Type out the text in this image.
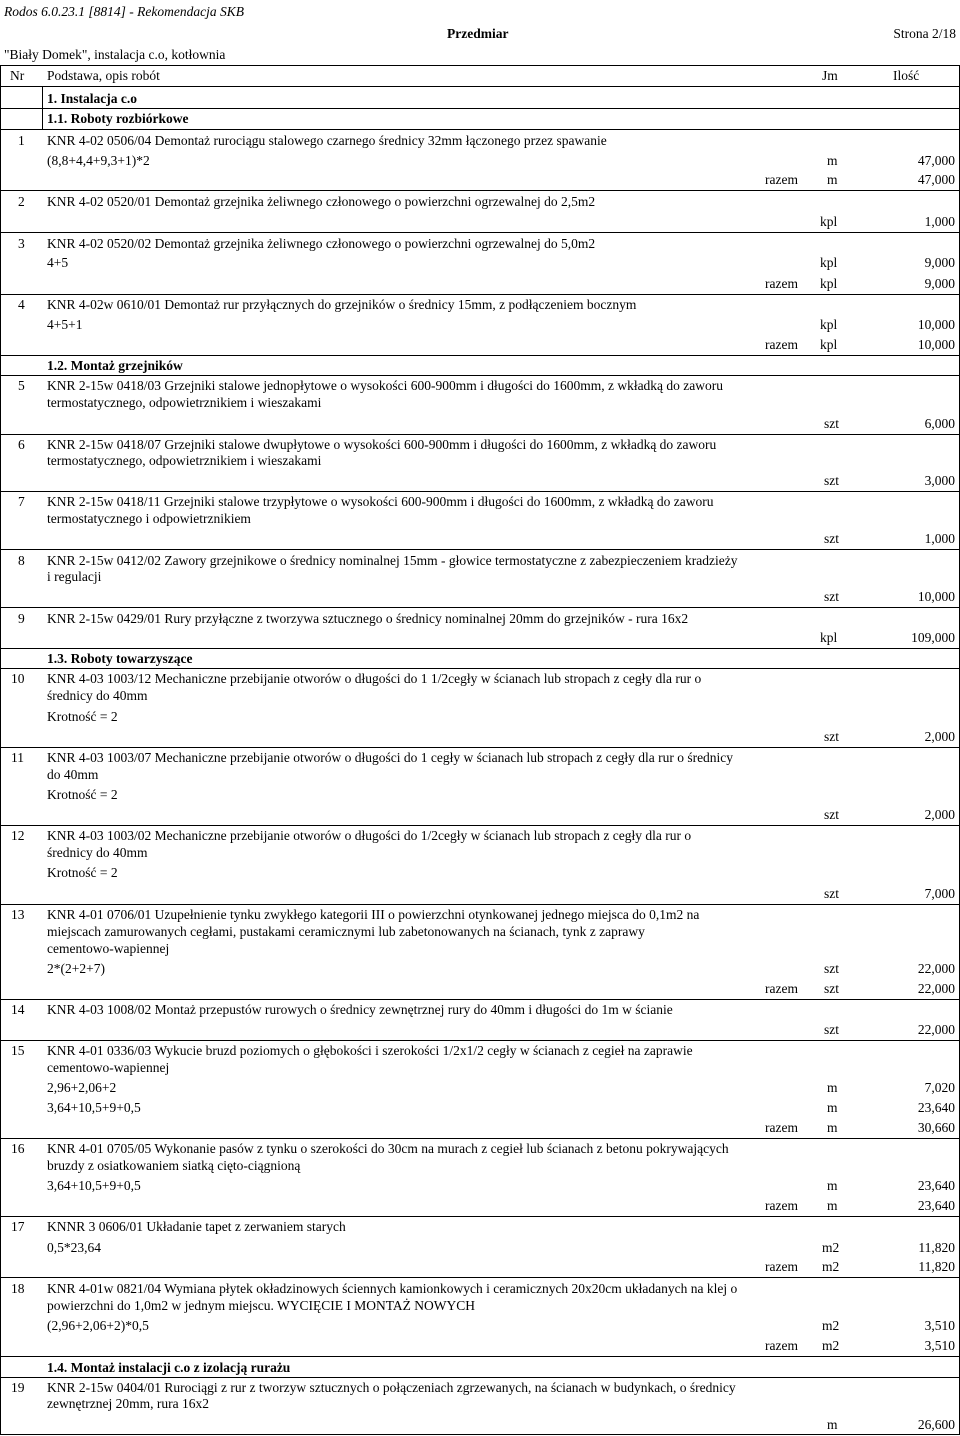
Rodos 6.0.23.1 [8814] - Rekomendacja SKB
Przedmiar	Strona 2/18
"Biały Domek", instalacja c.o, kotłownia
Nr Podstawa, opis robót	Jm	Ilość
1. Instalacja c.o
1.1. Roboty rozbiórkowe
1 KNR 4-02 0506/04 Demontaż rurociągu stalowego czarnego średnicy 32mm łączonego przez spawanie
(8,8+4,4+9,3+1)*2	m	47,000
razem m	47,000
2 KNR 4-02 0520/01 Demontaż grzejnika żeliwnego członowego o powierzchni ogrzewalnej do 2,5m2
kpl	1,000
3 KNR 4-02 0520/02 Demontaż grzejnika żeliwnego członowego o powierzchni ogrzewalnej do 5,0m2
4+5	kpl	9,000
razem kpl	9,000
4 KNR 4-02w 0610/01 Demontaż rur przyłącznych do grzejników o średnicy 15mm, z podłączeniem bocznym
4+5+1	kpl	10,000
razem kpl	10,000
1.2. Montaż grzejników
5 KNR 2-15w 0418/03 Grzejniki stalowe jednopłytowe o wysokości 600-900mm i długości do 1600mm, z wkładką do zaworu
termostatycznego, odpowietrznikiem i wieszakami
szt	6,000
6 KNR 2-15w 0418/07 Grzejniki stalowe dwupłytowe o wysokości 600-900mm i długości do 1600mm, z wkładką do zaworu
termostatycznego, odpowietrznikiem i wieszakami
szt	3,000
7 KNR 2-15w 0418/11 Grzejniki stalowe trzypłytowe o wysokości 600-900mm i długości do 1600mm, z wkładką do zaworu
termostatycznego i odpowietrznikiem
szt	1,000
8 KNR 2-15w 0412/02 Zawory grzejnikowe o średnicy nominalnej 15mm - głowice termostatyczne z zabezpieczeniem kradzieży
i regulacji
szt	10,000
9 KNR 2-15w 0429/01 Rury przyłączne z tworzywa sztucznego o średnicy nominalnej 20mm do grzejników - rura 16x2
kpl	109,000
1.3. Roboty towarzyszące
10 KNR 4-03 1003/12 Mechaniczne przebijanie otworów o długości do 1 1/2cegły w ścianach lub stropach z cegły dla rur o
średnicy do 40mm
Krotność = 2
szt	2,000
11 KNR 4-03 1003/07 Mechaniczne przebijanie otworów o długości do 1 cegły w ścianach lub stropach z cegły dla rur o średnicy
do 40mm
Krotność = 2
szt	2,000
12 KNR 4-03 1003/02 Mechaniczne przebijanie otworów o długości do 1/2cegły w ścianach lub stropach z cegły dla rur o
średnicy do 40mm
Krotność = 2
szt	7,000
13 KNR 4-01 0706/01 Uzupełnienie tynku zwykłego kategorii III o powierzchni otynkowanej jednego miejsca do 0,1m2 na
miejscach zamurowanych cegłami, pustakami ceramicznymi lub zabetonowanych na ścianach, tynk z zaprawy
cementowo-wapiennej
2*(2+2+7)	szt	22,000
razem szt	22,000
14 KNR 4-03 1008/02 Montaż przepustów rurowych o średnicy zewnętrznej rury do 40mm i długości do 1m w ścianie
szt	22,000
15 KNR 4-01 0336/03 Wykucie bruzd poziomych o głębokości i szerokości 1/2x1/2 cegły w ścianach z cegieł na zaprawie
cementowo-wapiennej
2,96+2,06+2	m	7,020
3,64+10,5+9+0,5	m	23,640
razem m	30,660
16 KNR 4-01 0705/05 Wykonanie pasów z tynku o szerokości do 30cm na murach z cegieł lub ścianach z betonu pokrywających
bruzdy z osiatkowaniem siatką cięto-ciągnioną
3,64+10,5+9+0,5	m	23,640
razem m	23,640
17 KNNR 3 0606/01 Układanie tapet z zerwaniem starych
0,5*23,64	m2	11,820
razem m2	11,820
18 KNR 4-01w 0821/04 Wymiana płytek okładzinowych ściennych kamionkowych i ceramicznych 20x20cm układanych na klej o
powierzchni do 1,0m2 w jednym miejscu. WYCIĘCIE I MONTAŻ NOWYCH
(2,96+2,06+2)*0,5	m2	3,510
razem m2	3,510
1.4. Montaż instalacji c.o z izolacją rurażu
19 KNR 2-15w 0404/01 Rurociągi z rur z tworzyw sztucznych o połączeniach zgrzewanych, na ścianach w budynkach, o średnicy
zewnętrznej 20mm, rura 16x2
m	26,600
